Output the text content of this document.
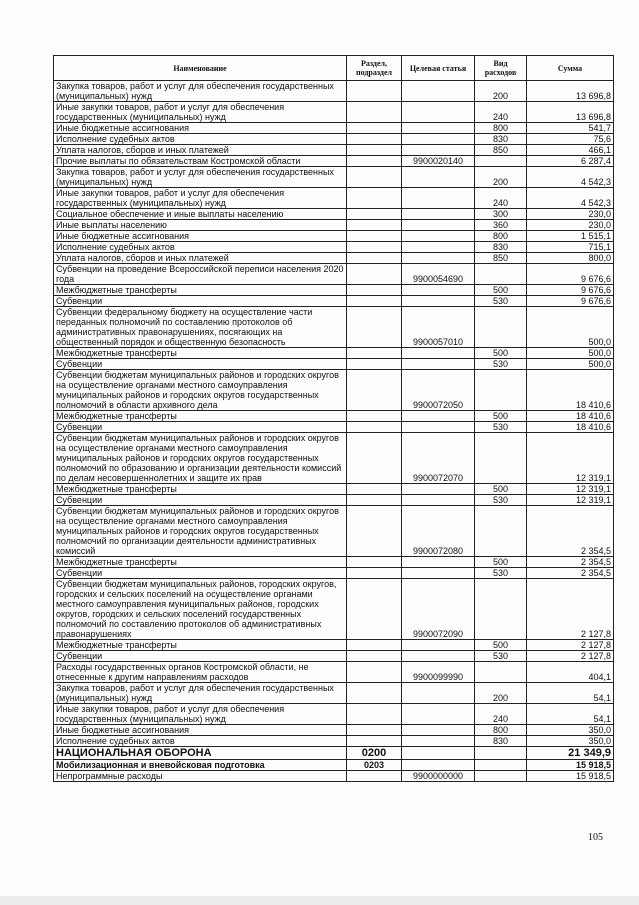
Наименование	Раздел, подраздел	Целевая статья	Вид расходов	Сумма
Закупка товаров, работ и услуг для обеспечения государственных (муниципальных) нужд			200	13 696,8
Иные закупки товаров, работ и услуг для обеспечения государственных (муниципальных) нужд			240	13 696,8
Иные бюджетные ассигнования			800	541,7
Исполнение судебных актов			830	75,6
Уплата налогов, сборов и иных платежей			850	466,1
Прочие выплаты по обязательствам Костромской области		9900020140		6 287,4
Закупка товаров, работ и услуг для обеспечения государственных (муниципальных) нужд			200	4 542,3
Иные закупки товаров, работ и услуг для обеспечения государственных (муниципальных) нужд			240	4 542,3
Социальное обеспечение и иные выплаты населению			300	230,0
Иные выплаты населению			360	230,0
Иные бюджетные ассигнования			800	1 515,1
Исполнение судебных актов			830	715,1
Уплата налогов, сборов и иных платежей			850	800,0
Субвенции на проведение Всероссийской переписи населения 2020 года		9900054690		9 676,6
Межбюджетные трансферты			500	9 676,6
Субвенции			530	9 676,6
Субвенции федеральному бюджету на осуществление части переданных полномочий по составлению протоколов об административных правонарушениях, посягающих на общественный порядок и общественную безопасность		9900057010		500,0
Межбюджетные трансферты			500	500,0
Субвенции			530	500,0
Субвенции бюджетам муниципальных районов и городских округов на осуществление органами местного самоуправления муниципальных районов и городских округов государственных полномочий в области архивного дела		9900072050		18 410,6
Межбюджетные трансферты			500	18 410,6
Субвенции			530	18 410,6
Субвенции бюджетам муниципальных районов и городских округов на осуществление органами местного самоуправления муниципальных районов и городских округов государственных полномочий по образованию и организации деятельности комиссий по делам несовершеннолетних и защите их прав		9900072070		12 319,1
Межбюджетные трансферты			500	12 319,1
Субвенции			530	12 319,1
Субвенции бюджетам муниципальных районов и городских округов на осуществление органами местного самоуправления муниципальных районов и городских округов государственных полномочий по организации деятельности административных комиссий		9900072080		2 354,5
Межбюджетные трансферты			500	2 354,5
Субвенции			530	2 354,5
Субвенции бюджетам муниципальных районов, городских округов, городских и сельских поселений на осуществление органами местного самоуправления муниципальных районов, городских округов, городских и сельских поселений государственных полномочий по составлению протоколов об административных правонарушениях		9900072090		2 127,8
Межбюджетные трансферты			500	2 127,8
Субвенции			530	2 127,8
Расходы государственных органов Костромской области, не отнесенные к другим направлениям расходов		9900099990		404,1
Закупка товаров, работ и услуг для обеспечения государственных (муниципальных) нужд			200	54,1
Иные закупки товаров, работ и услуг для обеспечения государственных (муниципальных) нужд			240	54,1
Иные бюджетные ассигнования			800	350,0
Исполнение судебных актов			830	350,0
НАЦИОНАЛЬНАЯ ОБОРОНА	0200			21 349,9
Мобилизационная и вневойсковая подготовка	0203			15 918,5
Непрограммные расходы		9900000000		15 918,5
105
